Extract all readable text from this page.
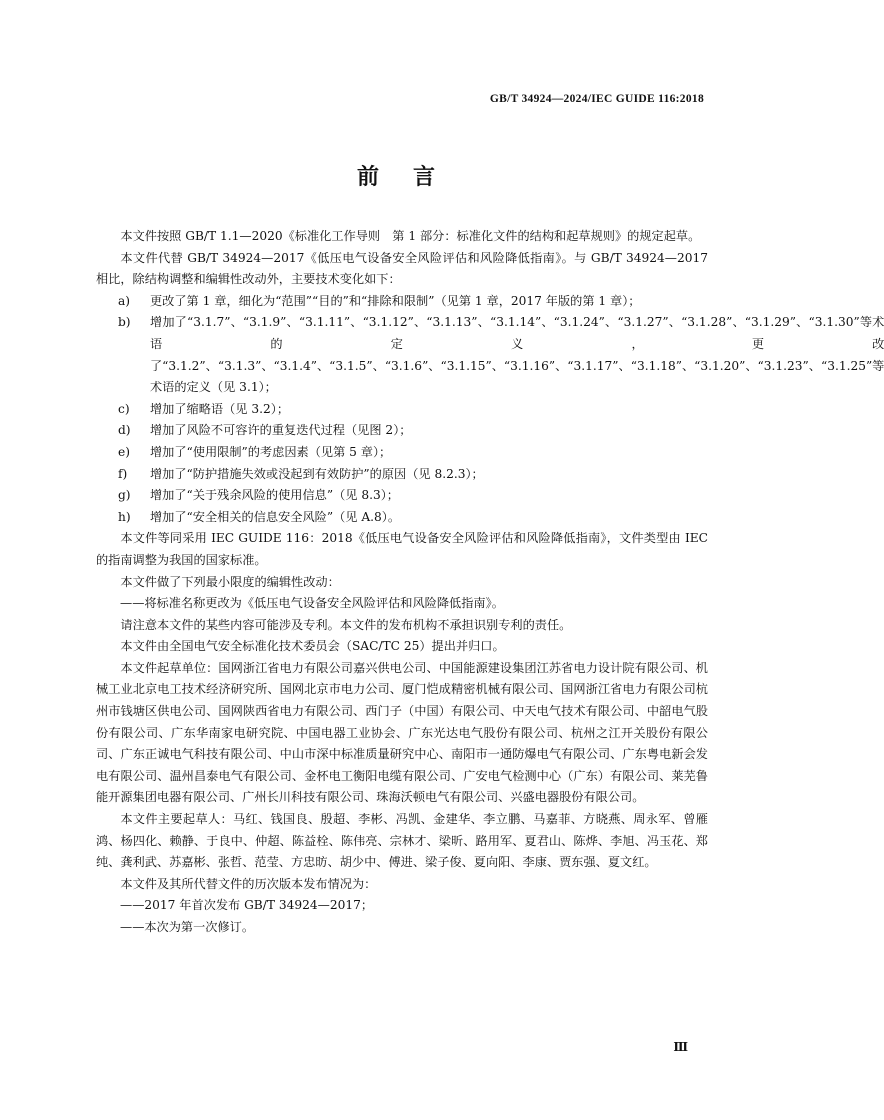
GB/T 34924—2024/IEC GUIDE 116:2018
前 言

本文件按照 GB/T 1.1—2020《标准化工作导则　第 1 部分：标准化文件的结构和起草规则》的规定起草。

本文件代替 GB/T 34924—2017《低压电气设备安全风险评估和风险降低指南》。与 GB/T 34924—2017 相比，除结构调整和编辑性改动外，主要技术变化如下：

a)	更改了第 1 章，细化为“范围”“目的”和“排除和限制”（见第 1 章，2017 年版的第 1 章）；
b)	增加了“3.1.7”、“3.1.9”、“3.1.11”、“3.1.12”、“3.1.13”、“3.1.14”、“3.1.24”、“3.1.27”、“3.1.28”、“3.1.29”、“3.1.30”等术语的定义，更改了“3.1.2”、“3.1.3”、“3.1.4”、“3.1.5”、“3.1.6”、“3.1.15”、“3.1.16”、“3.1.17”、“3.1.18”、“3.1.20”、“3.1.23”、“3.1.25”等术语的定义（见 3.1）；
c)	增加了缩略语（见 3.2）；
d)	增加了风险不可容许的重复迭代过程（见图 2）；
e)	增加了“使用限制”的考虑因素（见第 5 章）；
f)	增加了“防护措施失效或没起到有效防护”的原因（见 8.2.3）；
g)	增加了“关于残余风险的使用信息”（见 8.3）；
h)	增加了“安全相关的信息安全风险”（见 A.8）。

本文件等同采用 IEC GUIDE 116：2018《低压电气设备安全风险评估和风险降低指南》，文件类型由 IEC 的指南调整为我国的国家标准。

本文件做了下列最小限度的编辑性改动：

——将标准名称更改为《低压电气设备安全风险评估和风险降低指南》。

请注意本文件的某些内容可能涉及专利。本文件的发布机构不承担识别专利的责任。

本文件由全国电气安全标准化技术委员会（SAC/TC 25）提出并归口。

本文件起草单位：国网浙江省电力有限公司嘉兴供电公司、中国能源建设集团江苏省电力设计院有限公司、机械工业北京电工技术经济研究所、国网北京市电力公司、厦门恺成精密机械有限公司、国网浙江省电力有限公司杭州市钱塘区供电公司、国网陕西省电力有限公司、西门子（中国）有限公司、中天电气技术有限公司、中韶电气股份有限公司、广东华南家电研究院、中国电器工业协会、广东光达电气股份有限公司、杭州之江开关股份有限公司、广东正诚电气科技有限公司、中山市深中标准质量研究中心、南阳市一通防爆电气有限公司、广东粤电新会发电有限公司、温州昌泰电气有限公司、金杯电工衡阳电缆有限公司、广安电气检测中心（广东）有限公司、莱芜鲁能开源集团电器有限公司、广州长川科技有限公司、珠海沃顿电气有限公司、兴盛电器股份有限公司。

本文件主要起草人：马红、钱国良、殷超、李彬、冯凯、金建华、李立鹏、马嘉菲、方晓燕、周永军、曾雁鸿、杨四化、赖静、于良中、仲超、陈益栓、陈伟亮、宗林才、梁昕、路用军、夏君山、陈烨、李旭、冯玉花、郑纯、龚利武、苏嘉彬、张哲、范莹、方忠昉、胡少中、傅进、梁子俊、夏向阳、李康、贾东强、夏文红。

本文件及其所代替文件的历次版本发布情况为：

——2017 年首次发布 GB/T 34924—2017；

——本次为第一次修订。

Ⅲ
